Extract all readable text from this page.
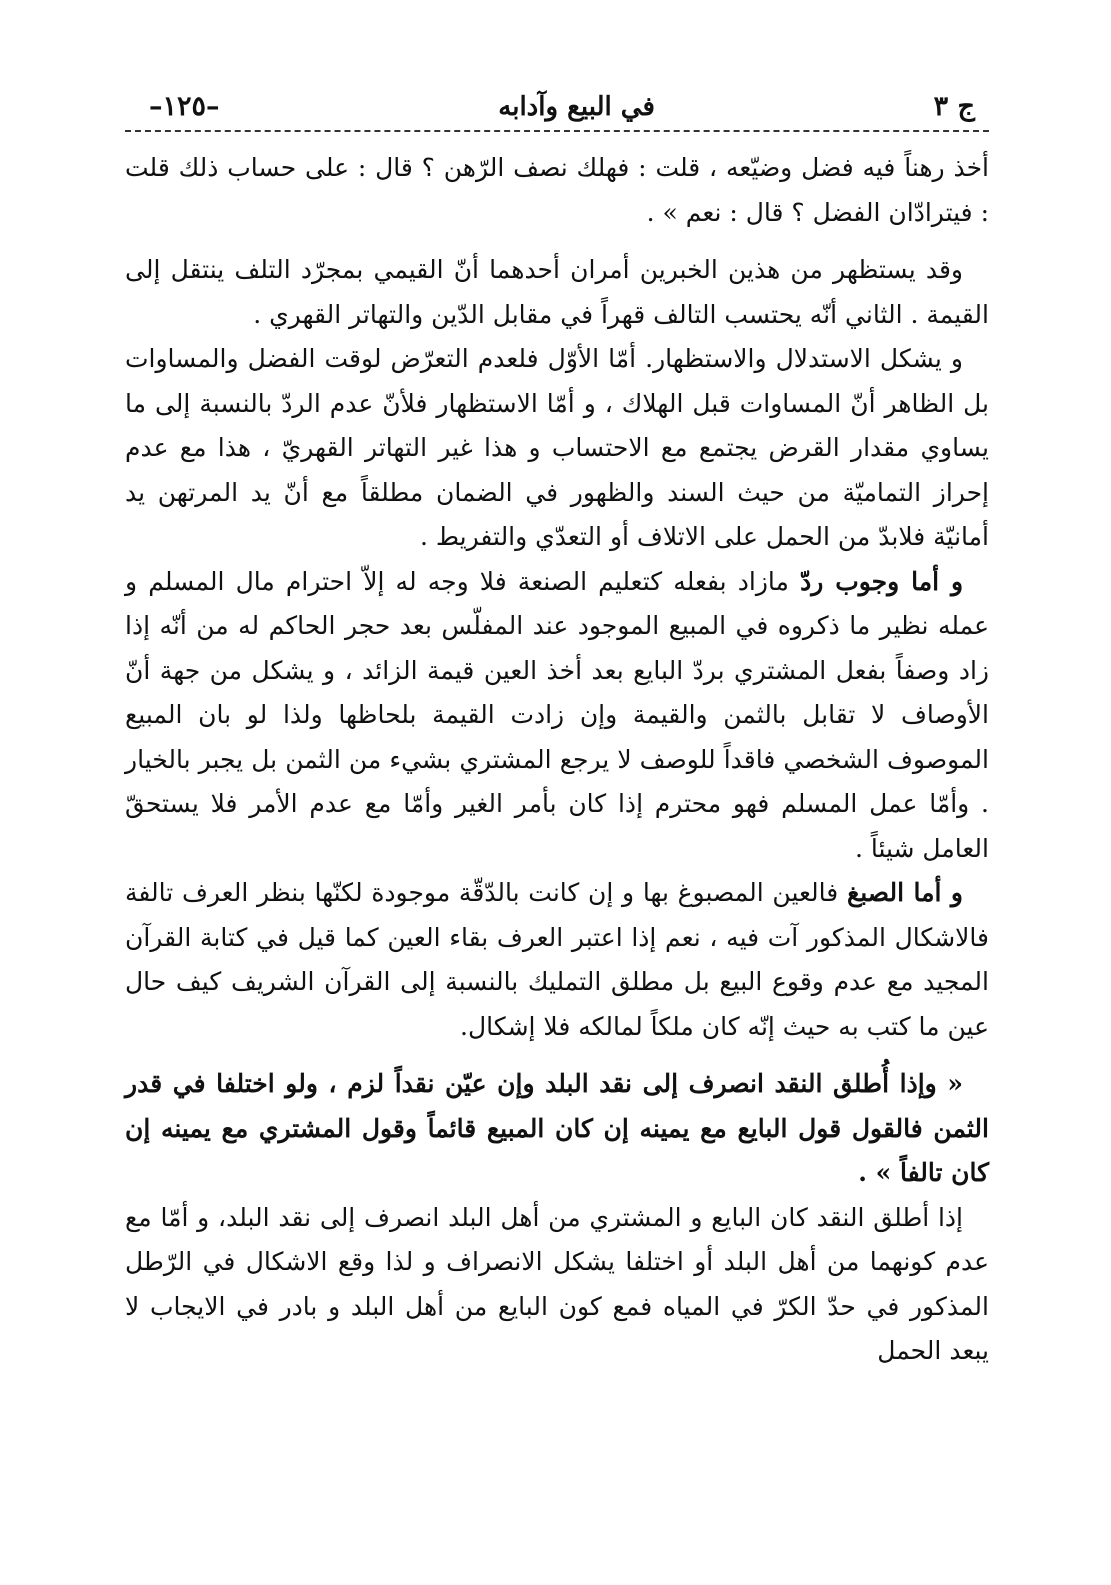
ج ٣
في البيع وآدابه
–١٢٥–

أخذ رهناً فيه فضل وضيّعه ، قلت : فهلك نصف الرّهن ؟ قال : على حساب ذلك قلت : فيترادّان الفضل ؟ قال : نعم » .

وقد يستظهر من هذين الخبرين أمران أحدهما أنّ القيمي بمجرّد التلف ينتقل إلى القيمة . الثاني أنّه يحتسب التالف قهراً في مقابل الدّين والتهاتر القهري .

و يشكل الاستدلال والاستظهار. أمّا الأوّل فلعدم التعرّض لوقت الفضل والمساوات بل الظاهر أنّ المساوات قبل الهلاك ، و أمّا الاستظهار فلأنّ عدم الردّ بالنسبة إلى ما يساوي مقدار القرض يجتمع مع الاحتساب و هذا غير التهاتر القهريّ ، هذا مع عدم إحراز التماميّة من حيث السند والظهور في الضمان مطلقاً مع أنّ يد المرتهن يد أمانيّة فلابدّ من الحمل على الاتلاف أو التعدّي والتفريط .

و أما وجوب ردّ مازاد بفعله كتعليم الصنعة فلا وجه له إلاّ احترام مال المسلم و عمله نظير ما ذكروه في المبيع الموجود عند المفلّس بعد حجر الحاكم له من أنّه إذا زاد وصفاً بفعل المشتري بردّ البايع بعد أخذ العين قيمة الزائد ، و يشكل من جهة أنّ الأوصاف لا تقابل بالثمن والقيمة وإن زادت القيمة بلحاظها ولذا لو بان المبيع الموصوف الشخصي فاقداً للوصف لا يرجع المشتري بشيء من الثمن بل يجبر بالخيار . وأمّا عمل المسلم فهو محترم إذا كان بأمر الغير وأمّا مع عدم الأمر فلا يستحقّ العامل شيئاً .

و أما الصبغ فالعين المصبوغ بها و إن كانت بالدّقّة موجودة لكنّها بنظر العرف تالفة فالاشكال المذكور آت فيه ، نعم إذا اعتبر العرف بقاء العين كما قيل في كتابة القرآن المجيد مع عدم وقوع البيع بل مطلق التمليك بالنسبة إلى القرآن الشريف كيف حال عين ما كتب به حيث إنّه كان ملكاً لمالكه فلا إشكال.

« وإذا أُطلق النقد انصرف إلى نقد البلد وإن عيّن نقداً لزم ، ولو اختلفا في قدر الثمن فالقول قول البايع مع يمينه إن كان المبيع قائماً وقول المشتري مع يمينه إن كان تالفاً » .

إذا أطلق النقد كان البايع و المشتري من أهل البلد انصرف إلى نقد البلد، و أمّا مع عدم كونهما من أهل البلد أو اختلفا يشكل الانصراف و لذا وقع الاشكال في الرّطل المذكور في حدّ الكرّ في المياه فمع كون البايع من أهل البلد و بادر في الايجاب لا يبعد الحمل
